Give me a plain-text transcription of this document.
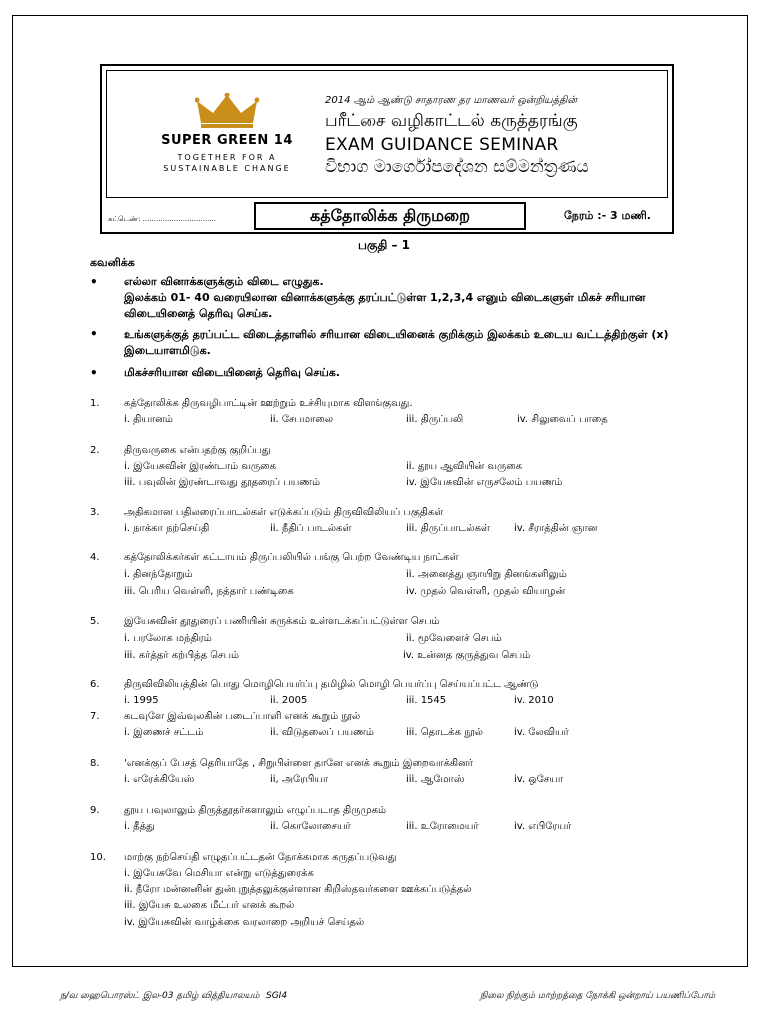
SUPER GREEN 14
TOGETHER FOR A
SUSTAINABLE CHANGE
2014 ஆம் ஆண்டு சாதாரண தர மாணவர் ஒன்றியத்தின்
பரீட்சை வழிகாட்டல் கருத்தரங்கு
EXAM GUIDANCE SEMINAR
විභාග මාර්ගෝපදේශන සම්මන්ත්‍රණය
சுட்டெண்: .................................	கத்தோலிக்க திருமறை	நேரம் :- 3 மணி.
பகுதி – 1
கவனிக்க
• எல்லா வினாக்களுக்கும் விடை எழுதுக.

இலக்கம் 01- 40 வரையிலான வினாக்களுக்கு தரப்பட்டுள்ள 1,2,3,4 எனும் விடைகளுள் மிகச் சரியான விடையினைத் தெரிவு செய்க.

• உங்களுக்குத் தரப்பட்ட விடைத்தாளில் சரியான விடையினைக் குறிக்கும் இலக்கம் உடைய வட்டத்திற்குள் (x) இடையாளமிடுக.

• மிகச்சரியான விடையினைத் தெரிவு செய்க.

1. கத்தோலிக்க திருவழிபாட்டின் ஊற்றும் உச்சியுமாக விளங்குவது.
i. தியானம்	ii. சேபமாலை	iii. திருப்பலி	iv. சிலுவைப் பாதை
2. திருவருகை என்பதற்கு குறிப்பது
i. இயேசுவின் இரண்டாம் வருகை	ii. தூய ஆவியின் வருகை
iii. பவுலின் இரண்டாவது தூதரைப் பயணம்	iv. இயேசுவின் எருசலேம் பயணம்
3. அதிகமான பதிலரைப்பாடல்கள் எடுக்கப்படும் திருவிவிலியப் பகுதிகள்
i. நாக்கா நற்செய்தி	ii. நீதிப் பாடல்கள்	iii. திருப்பாடல்கள் iv. சீராத்தின் ஞான
4. கத்தோலிக்கர்கள் கட்டாயம் திருப்பலியில் பங்கு பெற்ற வேண்டிய நாட்கள்
i. தினந்தோறும்	ii. அனைத்து ஞாயிறு தினங்களிலும்
iii. பெரிய வெள்ளி, நத்தார் பண்டிகை	iv. முதல் வெள்ளி, முதல் வியாழன்
5. இயேசுவின் தூதுரைப் பணியின் சுருக்கம் உள்ளடக்கப்பட்டுள்ள செபம்
i. பரலோக மந்திரம்	ii. மூவேளைச் செபம்
iii. கர்த்தர் கற்பித்த செபம்	iv. உன்னத குருத்துவ செபம்
6. திருவிவிலியத்தின் பொது மொழிபெயர்ப்பு தமிழில் மொழி பெயர்ப்பு செய்யப்பட்ட ஆண்டு
i. 1995	ii. 2005	iii. 1545	iv. 2010
7. கடவுளே இவ்வுலகின் படைப்பாளி எனக் கூறும் நூல்
i. இணைச் சட்டம்	ii. விடுதலைப் பயணம்	iii. தொடக்க நூல்	iv. லேவியர்
8. 'எனக்குப் பேசத் தெரியாதே , சிறுபிள்ளை தானே எனக் கூறும் இறைவாக்கினர்
i. எரேக்கியேஸ்	ii, அரேபியா	iii. ஆமோஸ்	iv. ஒசேயா
9. தூய பவுலாலும் திருத்தூதர்களாலும் எழுப்படாத திருமுகம்
i. தீத்து	ii. கொலோசையர்	iii. உரோமையர்	iv. எபிரேயர்
10. மாற்கு நற்செய்தி எழுதப்பட்டதன் நோக்கமாக கருதப்படுவது
i. இயேசுவே மெசியா என்று எடுத்துரைக்க
ii. நீரோ மன்னனின் துன்புறுத்தலுக்குள்ளான கிறிஸ்தவர்களை ஊக்கப்படுத்தல்
iii. இயேசு உலகை மீட்பர் எனக் கூறல்
iv. இயேசுவின் வாழ்க்கை வரலாறை அறியச் செய்தல்
ந/வ ஹைபொரஸ்ட் இல-03 தமிழ் வித்தியாலயம் SGI4	நிலை நிற்கும் மாற்றத்தை நோக்கி ஒன்றாய் பயணிப்போம்
